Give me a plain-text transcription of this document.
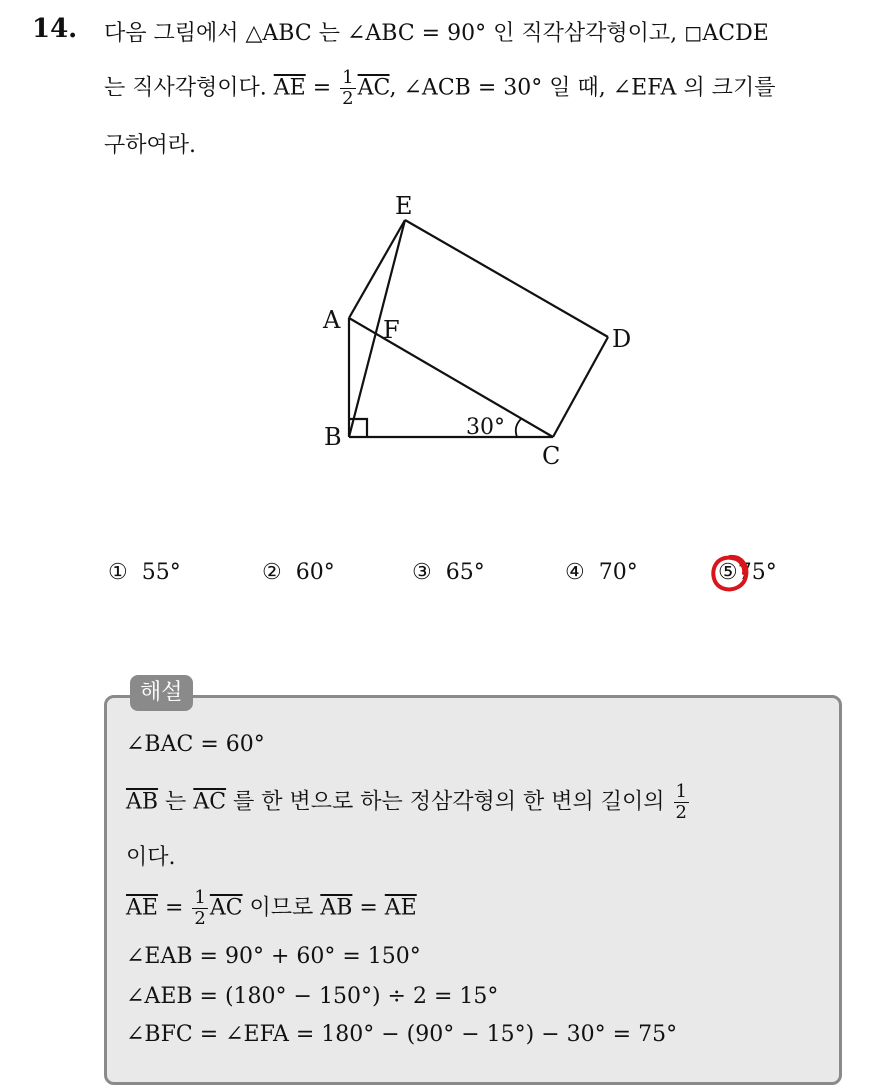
14. 다음 그림에서 △ABC 는 ∠ABC = 90° 인 직각삼각형이고, ◻ACDE
는 직사각형이다. $\overline{AE} = \frac{1}{2} \overline{AC}$, ∠ACB = 30° 일 때, ∠EFA 의 크기를
구하여라.
E
A F	D
B
C
30°
① 55°	② 60°	③ 65°	④ 70°	⑤75°
해설
∠BAC = 60°
$\overline{AB}$ 는 $\overline{AC}$ 를 한 변으로 하는 정삼각형의 한 변의 길이의 $\frac{1}{2}$
이다.
$\overline{AE} = \frac{1}{2} \overline{AC}$ 이므로 $\overline{AB} = \overline{AE}$
∠EAB = 90° + 60° = 150°
∠AEB = (180° − 150°) ÷ 2 = 15°
∠BFC = ∠EFA = 180° − (90° − 15°) − 30° = 75°
